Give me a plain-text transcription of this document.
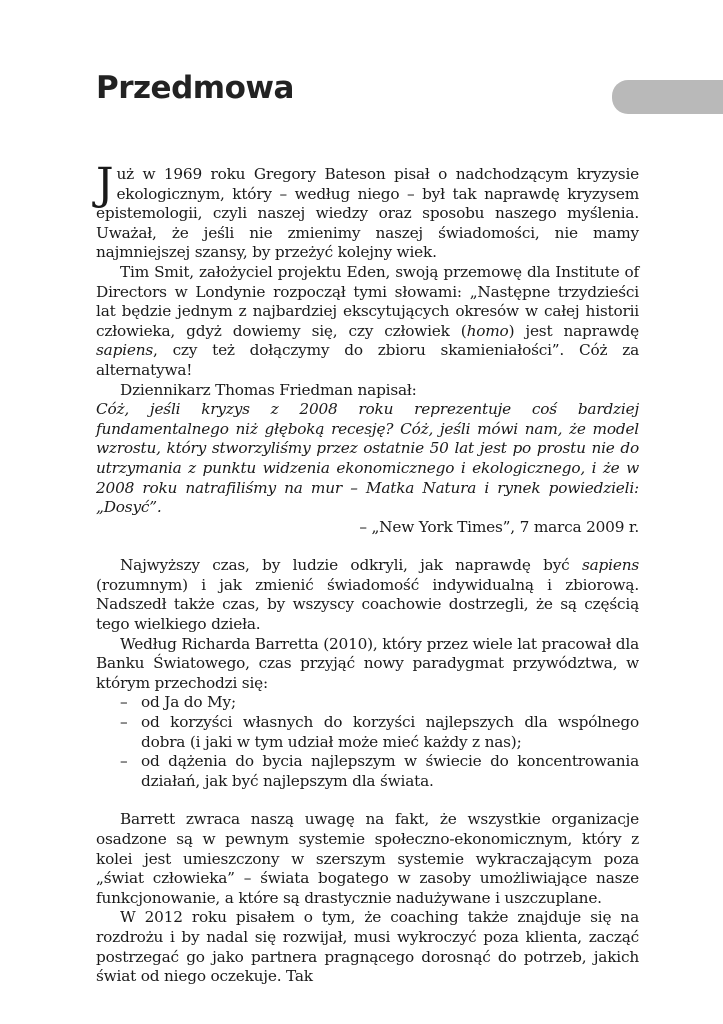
Przedmowa

Już w 1969 roku Gregory Bateson pisał o nadchodzącym kryzysie ekologicznym, który – według niego – był tak naprawdę kryzysem epistemologii, czyli naszej wiedzy oraz sposobu naszego myślenia. Uważał, że jeśli nie zmienimy naszej świadomości, nie mamy najmniejszej szansy, by przeżyć kolejny wiek.

Tim Smit, założyciel projektu Eden, swoją przemowę dla Institute of Directors w Londynie rozpoczął tymi słowami: „Następne trzydzieści lat będzie jednym z najbardziej ekscytujących okresów w całej historii człowieka, gdyż dowiemy się, czy człowiek (homo) jest naprawdę sapiens, czy też dołączymy do zbioru skamieniałości”. Cóż za alternatywa!

Dziennikarz Thomas Friedman napisał:

Cóż, jeśli kryzys z 2008 roku reprezentuje coś bardziej fundamentalnego niż głęboką recesję? Cóż, jeśli mówi nam, że model wzrostu, który stworzyliśmy przez ostatnie 50 lat jest po prostu nie do utrzymania z punktu widzenia ekonomicznego i ekologicznego, i że w 2008 roku natrafiliśmy na mur – Matka Natura i rynek powiedzieli: „Dosyć”.

– „New York Times”, 7 marca 2009 r.

Najwyższy czas, by ludzie odkryli, jak naprawdę być sapiens (rozumnym) i jak zmienić świadomość indywidualną i zbiorową. Nadszedł także czas, by wszyscy coachowie dostrzegli, że są częścią tego wielkiego dzieła.

Według Richarda Barretta (2010), który przez wiele lat pracował dla Banku Światowego, czas przyjąć nowy paradygmat przywództwa, w którym przechodzi się:

– od Ja do My;
– od korzyści własnych do korzyści najlepszych dla wspólnego dobra (i jaki w tym udział może mieć każdy z nas);
– od dążenia do bycia najlepszym w świecie do koncentrowania działań, jak być najlepszym dla świata.

Barrett zwraca naszą uwagę na fakt, że wszystkie organizacje osadzone są w pewnym systemie społeczno-ekonomicznym, który z kolei jest umieszczony w szerszym systemie wykraczającym poza „świat człowieka” – świata bogatego w zasoby umożliwiające nasze funkcjonowanie, a które są drastycznie nadużywane i uszczuplane.

W 2012 roku pisałem o tym, że coaching także znajduje się na rozdrożu i by nadal się rozwijał, musi wykroczyć poza klienta, zacząć postrzegać go jako partnera pragnącego dorosnąć do potrzeb, jakich świat od niego oczekuje. Tak
